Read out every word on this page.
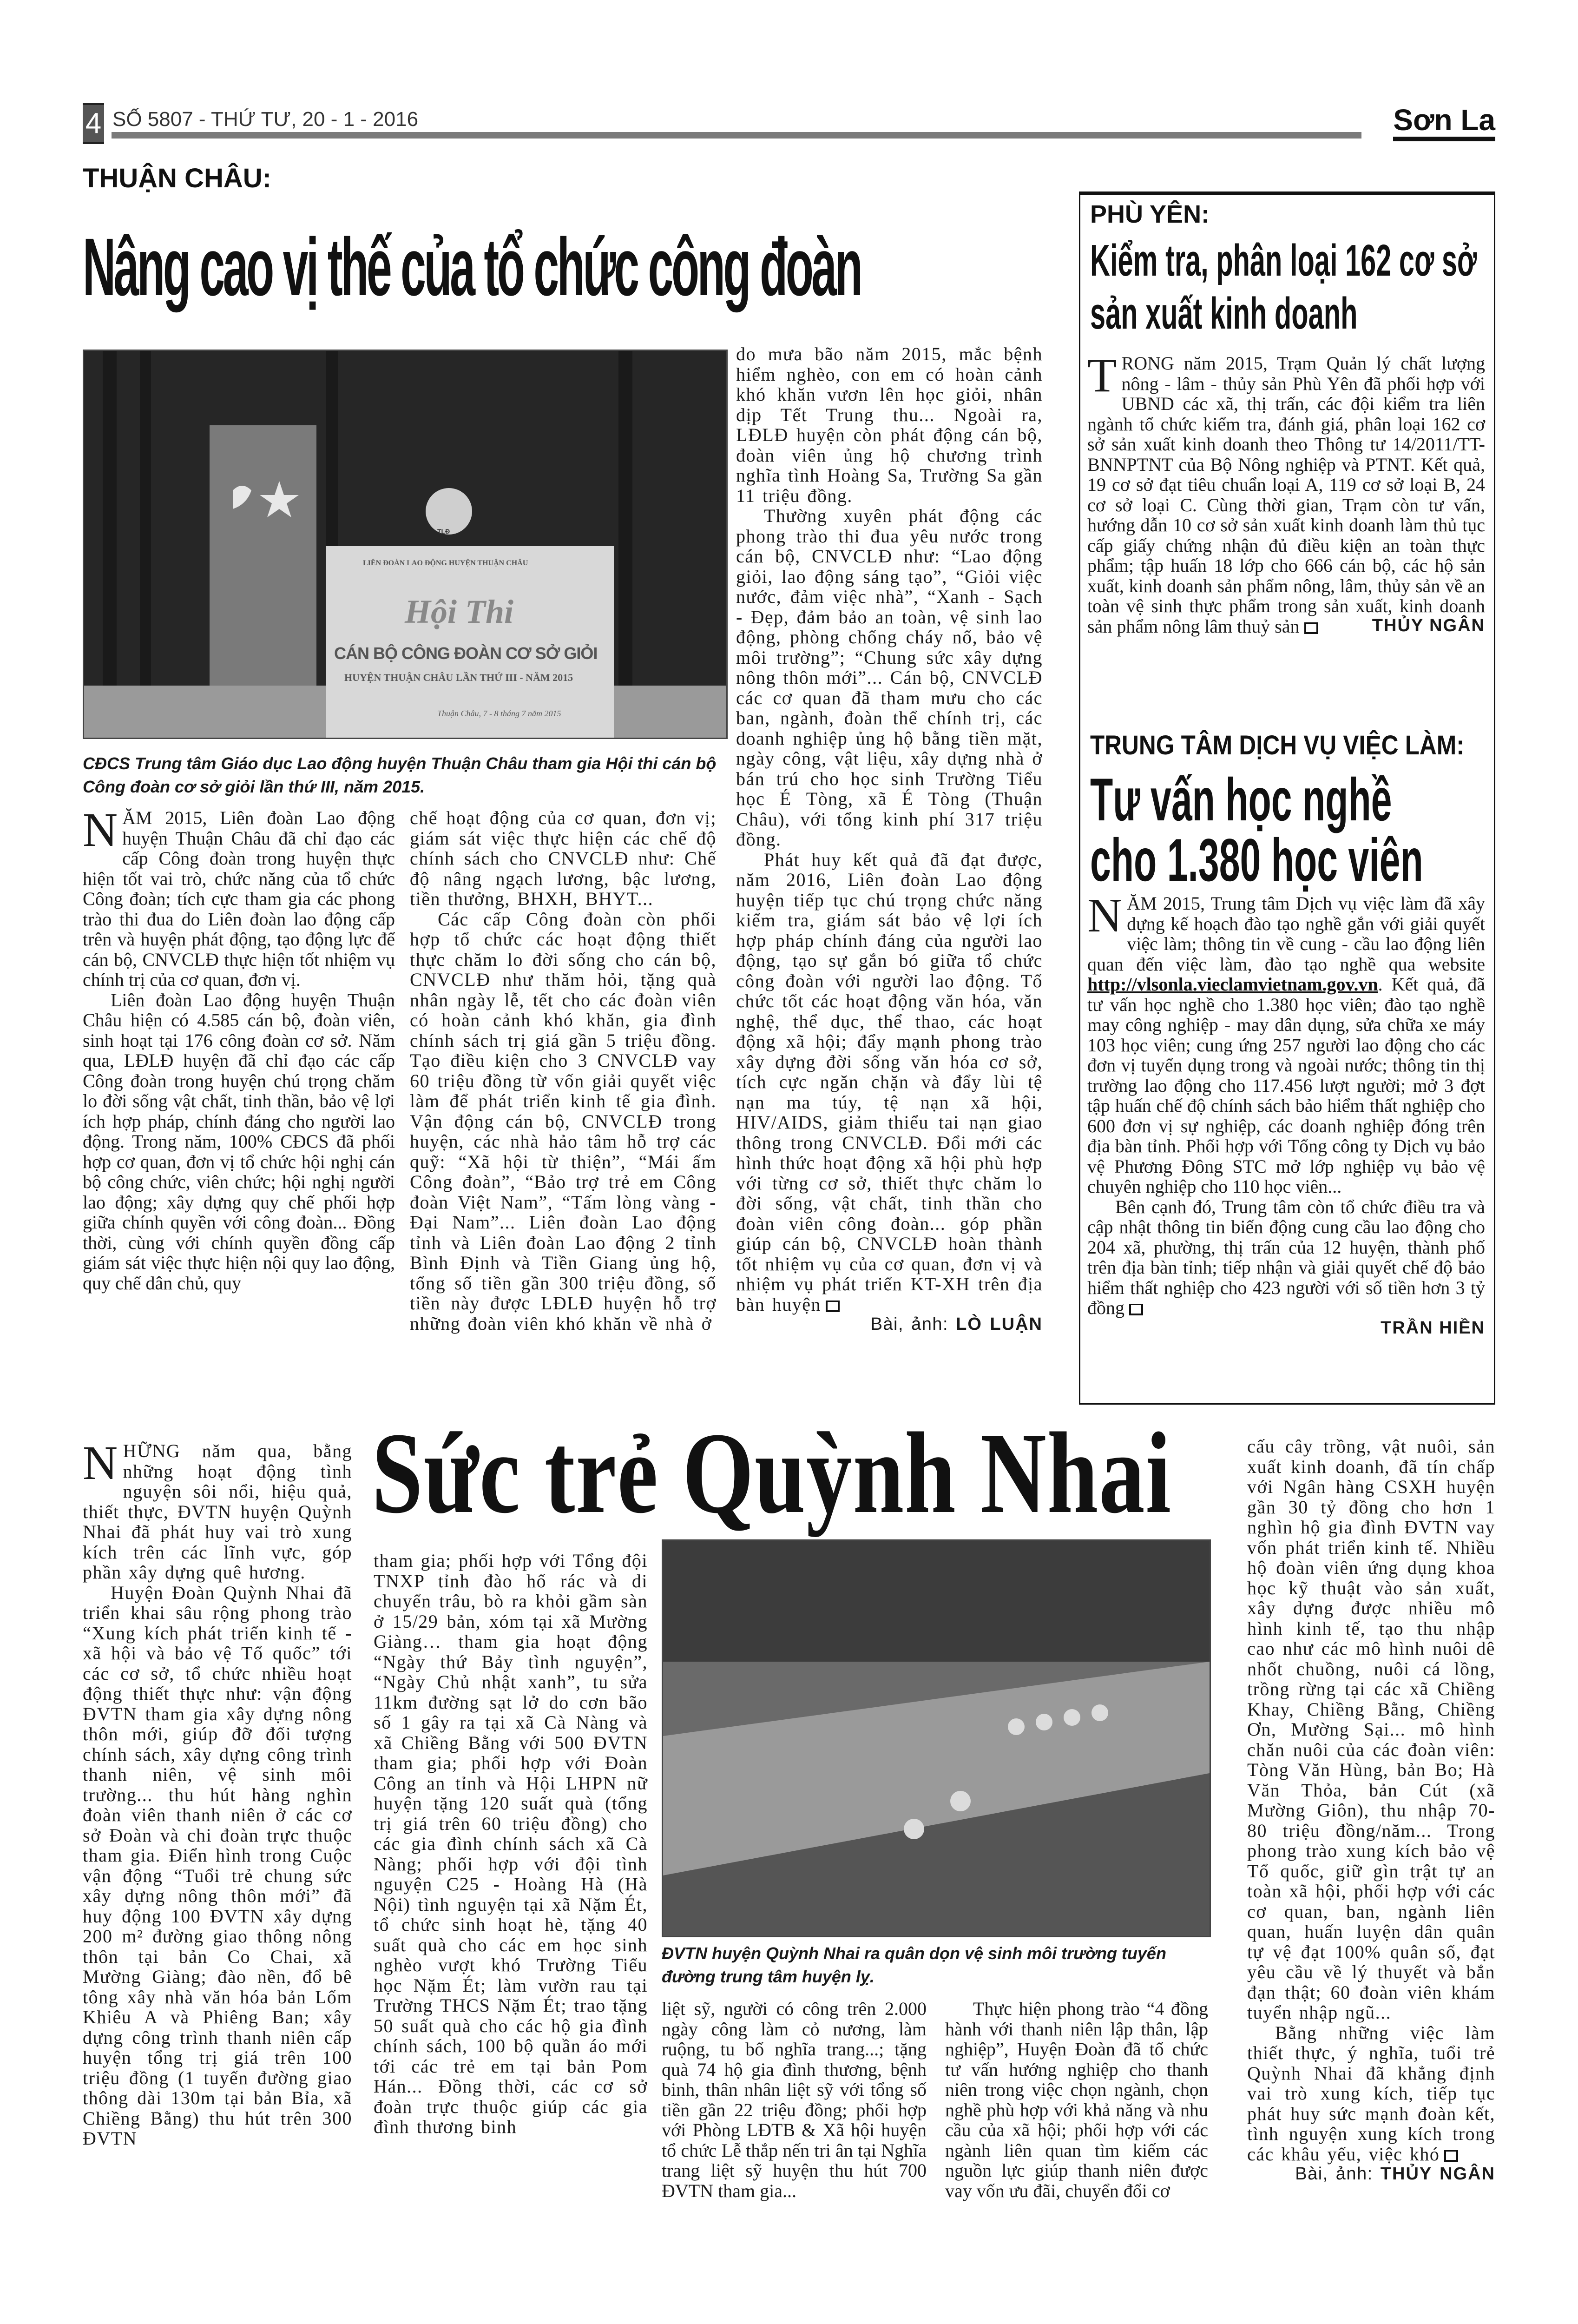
4 SỐ 5807 - THỨ TƯ, 20 - 1 - 2016	Sơn La
THUẬN CHÂU:
Nâng cao vị thế của tổ chức công đoàn
LIÊN ĐOÀN LAO ĐỘNG HUYỆN THUẬN CHÂU
Hội Thi
CÁN BỘ CÔNG ĐOÀN CƠ SỞ GIỎI
HUYỆN THUẬN CHÂU LẦN THỨ III - NĂM 2015
Thuận Châu, 7 - 8 tháng 7 năm 2015
TLĐ
CĐCS Trung tâm Giáo dục Lao động huyện Thuận Châu tham gia Hội thi cán bộ Công đoàn cơ sở giỏi lần thứ III, năm 2015.

NĂM 2015, Liên đoàn Lao động huyện Thuận Châu đã chỉ đạo các cấp Công đoàn trong huyện thực hiện tốt vai trò, chức năng của tổ chức Công đoàn; tích cực tham gia các phong trào thi đua do Liên đoàn lao động cấp trên và huyện phát động, tạo động lực để cán bộ, CNVCLĐ thực hiện tốt nhiệm vụ chính trị của cơ quan, đơn vị.

Liên đoàn Lao động huyện Thuận Châu hiện có 4.585 cán bộ, đoàn viên, sinh hoạt tại 176 công đoàn cơ sở. Năm qua, LĐLĐ huyện đã chỉ đạo các cấp Công đoàn trong huyện chú trọng chăm lo đời sống vật chất, tinh thần, bảo vệ lợi ích hợp pháp, chính đáng cho người lao động. Trong năm, 100% CĐCS đã phối hợp cơ quan, đơn vị tổ chức hội nghị cán bộ công chức, viên chức; hội nghị người lao động; xây dựng quy chế phối hợp giữa chính quyền với công đoàn... Đồng thời, cùng với chính quyền đồng cấp giám sát việc thực hiện nội quy lao động, quy chế dân chủ, quy

chế hoạt động của cơ quan, đơn vị; giám sát việc thực hiện các chế độ chính sách cho CNVCLĐ như: Chế độ nâng ngạch lương, bậc lương, tiền thưởng, BHXH, BHYT...

Các cấp Công đoàn còn phối hợp tổ chức các hoạt động thiết thực chăm lo đời sống cho cán bộ, CNVCLĐ như thăm hỏi, tặng quà nhân ngày lễ, tết cho các đoàn viên có hoàn cảnh khó khăn, gia đình chính sách trị giá gần 5 triệu đồng. Tạo điều kiện cho 3 CNVCLĐ vay 60 triệu đồng từ vốn giải quyết việc làm để phát triển kinh tế gia đình. Vận động cán bộ, CNVCLĐ trong huyện, các nhà hảo tâm hỗ trợ các quỹ: “Xã hội từ thiện”, “Mái ấm Công đoàn”, “Bảo trợ trẻ em Công đoàn Việt Nam”, “Tấm lòng vàng - Đại Nam”... Liên đoàn Lao động tỉnh và Liên đoàn Lao động 2 tỉnh Bình Định và Tiền Giang ủng hộ, tổng số tiền gần 300 triệu đồng, số tiền này được LĐLĐ huyện hỗ trợ những đoàn viên khó khăn về nhà ở

do mưa bão năm 2015, mắc bệnh hiểm nghèo, con em có hoàn cảnh khó khăn vươn lên học giỏi, nhân dịp Tết Trung thu... Ngoài ra, LĐLĐ huyện còn phát động cán bộ, đoàn viên ủng hộ chương trình nghĩa tình Hoàng Sa, Trường Sa gần 11 triệu đồng.

Thường xuyên phát động các phong trào thi đua yêu nước trong cán bộ, CNVCLĐ như: “Lao động giỏi, lao động sáng tạo”, “Giỏi việc nước, đảm việc nhà”, “Xanh - Sạch - Đẹp, đảm bảo an toàn, vệ sinh lao động, phòng chống cháy nổ, bảo vệ môi trường”; “Chung sức xây dựng nông thôn mới”... Cán bộ, CNVCLĐ các cơ quan đã tham mưu cho các ban, ngành, đoàn thể chính trị, các doanh nghiệp ủng hộ bằng tiền mặt, ngày công, vật liệu, xây dựng nhà ở bán trú cho học sinh Trường Tiểu học É Tòng, xã É Tòng (Thuận Châu), với tổng kinh phí 317 triệu đồng.

Phát huy kết quả đã đạt được, năm 2016, Liên đoàn Lao động huyện tiếp tục chú trọng chức năng kiểm tra, giám sát bảo vệ lợi ích hợp pháp chính đáng của người lao động, tạo sự gắn bó giữa tổ chức công đoàn với người lao động. Tổ chức tốt các hoạt động văn hóa, văn nghệ, thể dục, thể thao, các hoạt động xã hội; đẩy mạnh phong trào xây dựng đời sống văn hóa cơ sở, tích cực ngăn chặn và đẩy lùi tệ nạn ma túy, tệ nạn xã hội, HIV/AIDS, giảm thiểu tai nạn giao thông trong CNVCLĐ. Đổi mới các hình thức hoạt động xã hội phù hợp với từng cơ sở, thiết thực chăm lo đời sống, vật chất, tinh thần cho đoàn viên công đoàn... góp phần giúp cán bộ, CNVCLĐ hoàn thành tốt nhiệm vụ của cơ quan, đơn vị và nhiệm vụ phát triển KT-XH trên địa bàn huyện

Bài, ảnh: LÒ LUẬN
PHÙ YÊN:
Kiểm tra, phân loại 162 cơ sở
sản xuất kinh doanh

TRONG năm 2015, Trạm Quản lý chất lượng nông - lâm - thủy sản Phù Yên đã phối hợp với UBND các xã, thị trấn, các đội kiểm tra liên ngành tổ chức kiểm tra, đánh giá, phân loại 162 cơ sở sản xuất kinh doanh theo Thông tư 14/2011/TT-BNNPTNT của Bộ Nông nghiệp và PTNT. Kết quả, 19 cơ sở đạt tiêu chuẩn loại A, 119 cơ sở loại B, 24 cơ sở loại C. Cùng thời gian, Trạm còn tư vấn, hướng dẫn 10 cơ sở sản xuất kinh doanh làm thủ tục cấp giấy chứng nhận đủ điều kiện an toàn thực phẩm; tập huấn 18 lớp cho 666 cán bộ, các hộ sản xuất, kinh doanh sản phẩm nông, lâm, thủy sản về an toàn vệ sinh thực phẩm trong sản xuất, kinh doanh sản phẩm nông lâm thuỷ sản	THỦY NGÂN
TRUNG TÂM DỊCH VỤ VIỆC LÀM:
Tư vấn học nghề
cho 1.380 học viên

NĂM 2015, Trung tâm Dịch vụ việc làm đã xây dựng kế hoạch đào tạo nghề gắn với giải quyết việc làm; thông tin về cung - cầu lao động liên quan đến việc làm, đào tạo nghề qua website http://vlsonla.vieclamvietnam.gov.vn. Kết quả, đã tư vấn học nghề cho 1.380 học viên; đào tạo nghề may công nghiệp - may dân dụng, sửa chữa xe máy 103 học viên; cung ứng 257 người lao động cho các đơn vị tuyển dụng trong và ngoài nước; thông tin thị trường lao động cho 117.456 lượt người; mở 3 đợt tập huấn chế độ chính sách bảo hiểm thất nghiệp cho 600 đơn vị sự nghiệp, các doanh nghiệp đóng trên địa bàn tỉnh. Phối hợp với Tổng công ty Dịch vụ bảo vệ Phương Đông STC mở lớp nghiệp vụ bảo vệ chuyên nghiệp cho 110 học viên...

Bên cạnh đó, Trung tâm còn tổ chức điều tra và cập nhật thông tin biến động cung cầu lao động cho 204 xã, phường, thị trấn của 12 huyện, thành phố trên địa bàn tỉnh; tiếp nhận và giải quyết chế độ bảo hiểm thất nghiệp cho 423 người với số tiền hơn 3 tỷ đồng

TRẦN HIỀN

NHỮNG năm qua, bằng những hoạt động tình nguyện sôi nổi, hiệu quả, thiết thực, ĐVTN huyện Quỳnh Nhai đã phát huy vai trò xung kích trên các lĩnh vực, góp phần xây dựng quê hương.

Huyện Đoàn Quỳnh Nhai đã triển khai sâu rộng phong trào “Xung kích phát triển kinh tế - xã hội và bảo vệ Tổ quốc” tới các cơ sở, tổ chức nhiều hoạt động thiết thực như: vận động ĐVTN tham gia xây dựng nông thôn mới, giúp đỡ đối tượng chính sách, xây dựng công trình thanh niên, vệ sinh môi trường... thu hút hàng nghìn đoàn viên thanh niên ở các cơ sở Đoàn và chi đoàn trực thuộc tham gia. Điển hình trong Cuộc vận động “Tuổi trẻ chung sức xây dựng nông thôn mới” đã huy động 100 ĐVTN xây dựng 200 m² đường giao thông nông thôn tại bản Co Chai, xã Mường Giàng; đào nền, đổ bê tông xây nhà văn hóa bản Lốm Khiêu A và Phiêng Ban; xây dựng công trình thanh niên cấp huyện tổng trị giá trên 100 triệu đồng (1 tuyến đường giao thông dài 130m tại bản Bỉa, xã Chiềng Bằng) thu hút trên 300 ĐVTN

Sức trẻ Quỳnh Nhai

tham gia; phối hợp với Tổng đội TNXP tỉnh đào hố rác và di chuyển trâu, bò ra khỏi gầm sàn ở 15/29 bản, xóm tại xã Mường Giàng… tham gia hoạt động “Ngày thứ Bảy tình nguyện”, “Ngày Chủ nhật xanh”, tu sửa 11km đường sạt lở do cơn bão số 1 gây ra tại xã Cà Nàng và xã Chiềng Bằng với 500 ĐVTN tham gia; phối hợp với Đoàn Công an tỉnh và Hội LHPN nữ huyện tặng 120 suất quà (tổng trị giá trên 60 triệu đồng) cho các gia đình chính sách xã Cà Nàng; phối hợp với đội tình nguyện C25 - Hoàng Hà (Hà Nội) tình nguyện tại xã Nặm Ét, tổ chức sinh hoạt hè, tặng 40 suất quà cho các em học sinh nghèo vượt khó Trường Tiểu học Nặm Ét; làm vườn rau tại Trường THCS Nặm Ét; trao tặng 50 suất quà cho các hộ gia đình chính sách, 100 bộ quần áo mới tới các trẻ em tại bản Pom Hán... Đồng thời, các cơ sở đoàn trực thuộc giúp các gia đình thương binh

ĐVTN huyện Quỳnh Nhai ra quân dọn vệ sinh môi trường tuyến đường trung tâm huyện lỵ.

liệt sỹ, người có công trên 2.000 ngày công làm cỏ nương, làm ruộng, tu bổ nghĩa trang...; tặng quà 74 hộ gia đình thương, bệnh binh, thân nhân liệt sỹ với tổng số tiền gần 22 triệu đồng; phối hợp với Phòng LĐTB & Xã hội huyện tổ chức Lễ thắp nến tri ân tại Nghĩa trang liệt sỹ huyện thu hút 700 ĐVTN tham gia...

Thực hiện phong trào “4 đồng hành với thanh niên lập thân, lập nghiệp”, Huyện Đoàn đã tổ chức tư vấn hướng nghiệp cho thanh niên trong việc chọn ngành, chọn nghề phù hợp với khả năng và nhu cầu của xã hội; phối hợp với các ngành liên quan tìm kiếm các nguồn lực giúp thanh niên được vay vốn ưu đãi, chuyển đổi cơ

cấu cây trồng, vật nuôi, sản xuất kinh doanh, đã tín chấp với Ngân hàng CSXH huyện gần 30 tỷ đồng cho hơn 1 nghìn hộ gia đình ĐVTN vay vốn phát triển kinh tế. Nhiều hộ đoàn viên ứng dụng khoa học kỹ thuật vào sản xuất, xây dựng được nhiều mô hình kinh tế, tạo thu nhập cao như các mô hình nuôi dê nhốt chuồng, nuôi cá lồng, trồng rừng tại các xã Chiềng Khay, Chiềng Bằng, Chiềng Ơn, Mường Sại... mô hình chăn nuôi của các đoàn viên: Tòng Văn Hùng, bản Bo; Hà Văn Thỏa, bản Cút (xã Mường Giôn), thu nhập 70-80 triệu đồng/năm... Trong phong trào xung kích bảo vệ Tổ quốc, giữ gìn trật tự an toàn xã hội, phối hợp với các cơ quan, ban, ngành liên quan, huấn luyện dân quân tự vệ đạt 100% quân số, đạt yêu cầu về lý thuyết và bắn đạn thật; 60 đoàn viên khám tuyển nhập ngũ...

Bằng những việc làm thiết thực, ý nghĩa, tuổi trẻ Quỳnh Nhai đã khẳng định vai trò xung kích, tiếp tục phát huy sức mạnh đoàn kết, tình nguyện xung kích trong các khâu yếu, việc khó

Bài, ảnh: THỦY NGÂN
